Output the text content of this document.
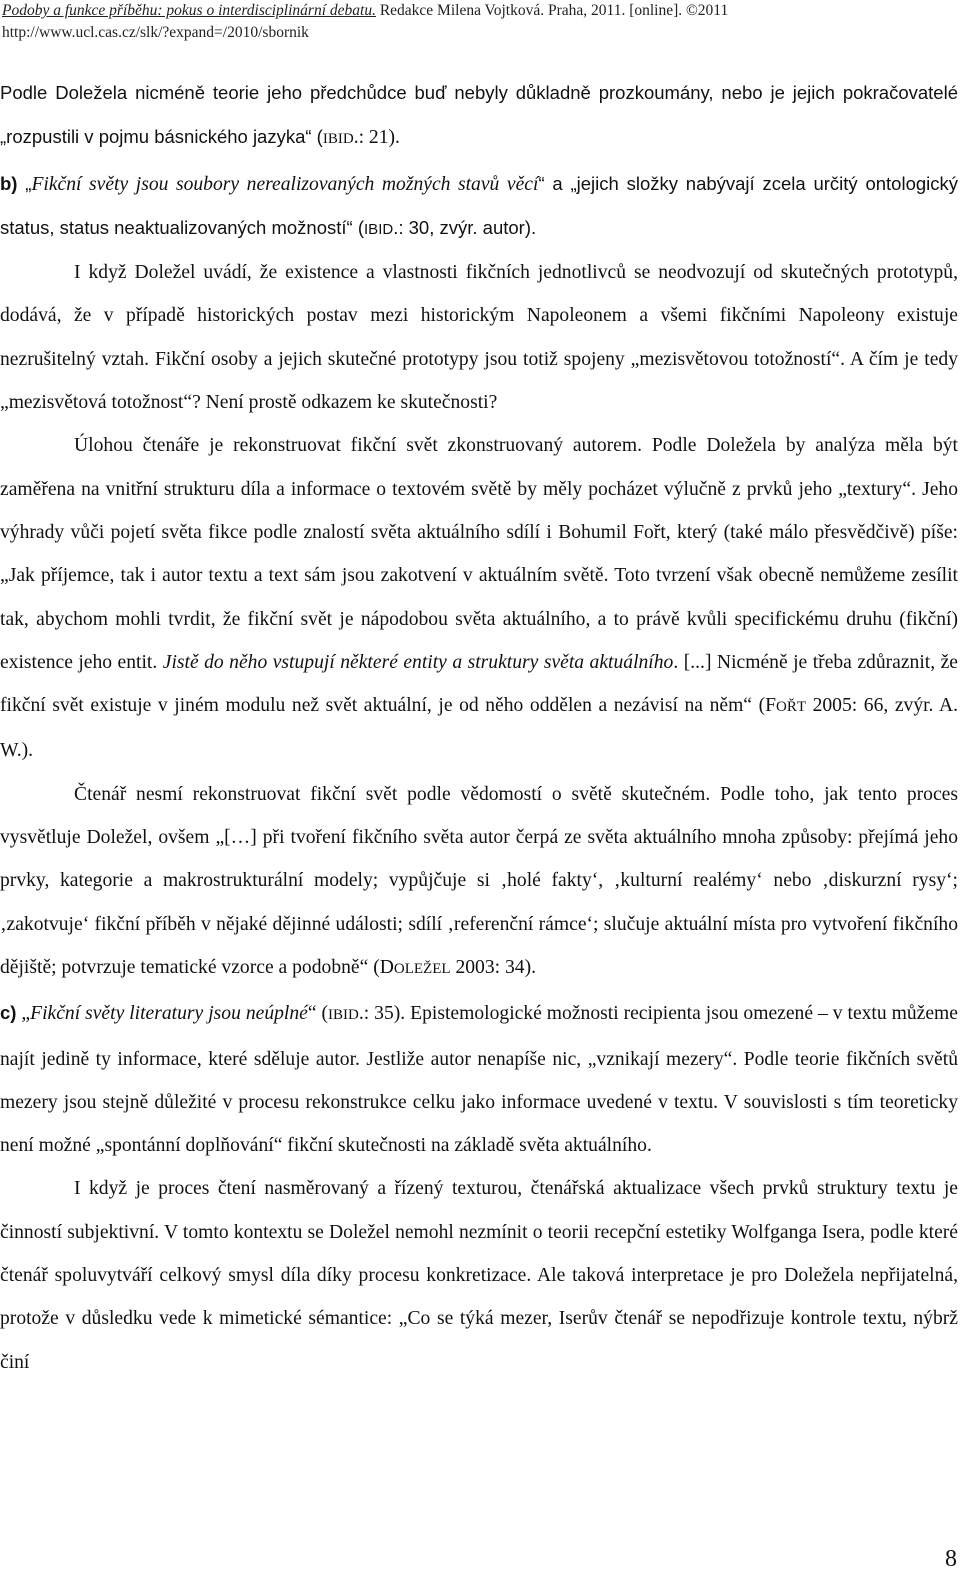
Podoby a funkce příběhu: pokus o interdisciplinární debatu. Redakce Milena Vojtková. Praha, 2011. [online]. ©2011
http://www.ucl.cas.cz/slk/?expand=/2010/sbornik

Podle Doležela nicméně teorie jeho předchůdce buď nebyly důkladně prozkoumány, nebo je jejich pokračovatelé „rozpustili v pojmu básnického jazyka“ (IBID.: 21).

b) „Fikční světy jsou soubory nerealizovaných možných stavů věcí“ a „jejich složky nabývají zcela určitý ontologický status, status neaktualizovaných možností“ (IBID.: 30, zvýr. autor).

I když Doležel uvádí, že existence a vlastnosti fikčních jednotlivců se neodvozují od skutečných prototypů, dodává, že v případě historických postav mezi historickým Napoleonem a všemi fikčními Napoleony existuje nezrušitelný vztah. Fikční osoby a jejich skutečné prototypy jsou totiž spojeny „mezisvětovou totožností“. A čím je tedy „mezisvětová totožnost“? Není prostě odkazem ke skutečnosti?

Úlohou čtenáře je rekonstruovat fikční svět zkonstruovaný autorem. Podle Doležela by analýza měla být zaměřena na vnitřní strukturu díla a informace o textovém světě by měly pocházet výlučně z prvků jeho „textury“. Jeho výhrady vůči pojetí světa fikce podle znalostí světa aktuálního sdílí i Bohumil Fořt, který (také málo přesvědčivě) píše: „Jak příjemce, tak i autor textu a text sám jsou zakotvení v aktuálním světě. Toto tvrzení však obecně nemůžeme zesílit tak, abychom mohli tvrdit, že fikční svět je nápodobou světa aktuálního, a to právě kvůli specifickému druhu (fikční) existence jeho entit. Jistě do něho vstupují některé entity a struktury světa aktuálního. [...] Nicméně je třeba zdůraznit, že fikční svět existuje v jiném modulu než svět aktuální, je od něho oddělen a nezávisí na něm“ (FOŘT 2005: 66, zvýr. A. W.).

Čtenář nesmí rekonstruovat fikční svět podle vědomostí o světě skutečném. Podle toho, jak tento proces vysvětluje Doležel, ovšem „[…] při tvoření fikčního světa autor čerpá ze světa aktuálního mnoha způsoby: přejímá jeho prvky, kategorie a makrostrukturální modely; vypůjčuje si ‚holé fakty‘, ‚kulturní realémy‘ nebo ‚diskurzní rysy‘; ‚zakotvuje‘ fikční příběh v nějaké dějinné události; sdílí ‚referenční rámce‘; slučuje aktuální místa pro vytvoření fikčního dějiště; potvrzuje tematické vzorce a podobně“ (DOLEŽEL 2003: 34).

c) „Fikční světy literatury jsou neúplné“ (IBID.: 35). Epistemologické možnosti recipienta jsou omezené – v textu můžeme najít jedině ty informace, které sděluje autor. Jestliže autor nenapíše nic, „vznikají mezery“. Podle teorie fikčních světů mezery jsou stejně důležité v procesu rekonstrukce celku jako informace uvedené v textu. V souvislosti s tím teoreticky není možné „spontánní doplňování“ fikční skutečnosti na základě světa aktuálního.

I když je proces čtení nasměrovaný a řízený texturou, čtenářská aktualizace všech prvků struktury textu je činností subjektivní. V tomto kontextu se Doležel nemohl nezmínit o teorii recepční estetiky Wolfganga Isera, podle které čtenář spoluvytváří celkový smysl díla díky procesu konkretizace. Ale taková interpretace je pro Doležela nepřijatelná, protože v důsledku vede k mimetické sémantice: „Co se týká mezer, Iserův čtenář se nepodřizuje kontrole textu, nýbrž činí

8
